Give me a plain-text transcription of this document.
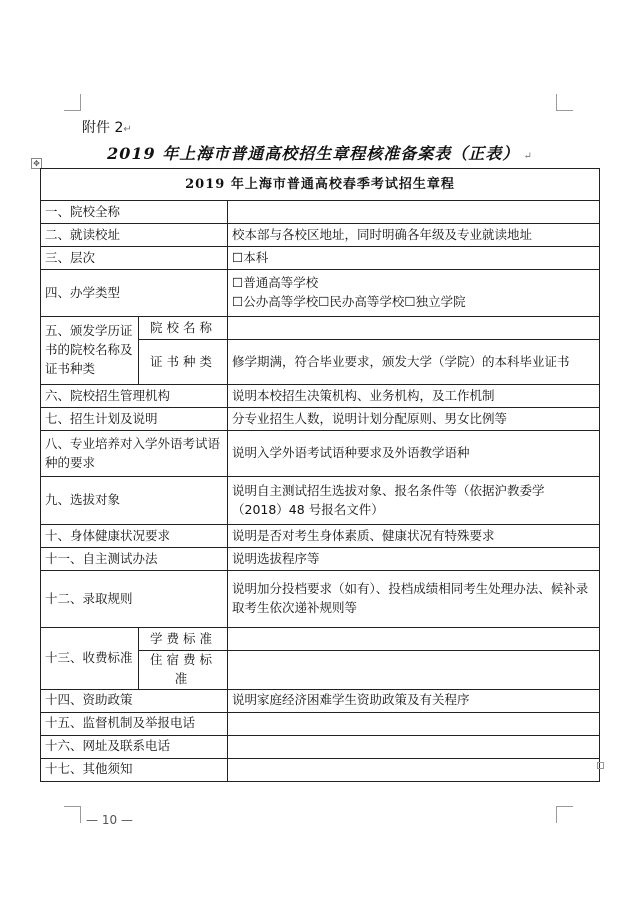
附件 2↵
2019 年上海市普通高校招生章程核准备案表（正表） ↵
✥
2019 年上海市普通高校春季考试招生章程		
一、院校全称		
二、就读校址		校本部与各校区地址，同时明确各年级及专业就读地址
三、层次		☐本科
四、办学类型		☐普通高等学校
☐公办高等学校☐民办高等学校☐独立学院

五、颁发学历证书的院校名称及证书种类	院校名称	
	证书种类	修学期满，符合毕业要求，颁发大学（学院）的本科毕业证书
六、院校招生管理机构		说明本校招生决策机构、业务机构，及工作机制
七、招生计划及说明		分专业招生人数，说明计划分配原则、男女比例等
八、专业培养对入学外语考试语种的要求		说明入学外语考试语种要求及外语教学语种
九、选拔对象		说明自主测试招生选拔对象、报名条件等（依据沪教委学（2018）48 号报名文件）
十、身体健康状况要求		说明是否对考生身体素质、健康状况有特殊要求
十一、自主测试办法		说明选拔程序等
十二、录取规则		说明加分投档要求（如有）、投档成绩相同考生处理办法、候补录取考生依次递补规则等
十三、收费标准	学费标准	
	住宿费标准	
十四、资助政策		说明家庭经济困难学生资助政策及有关程序
十五、监督机制及举报电话		
十六、网址及联系电话		
十七、其他须知		
— 10 —
